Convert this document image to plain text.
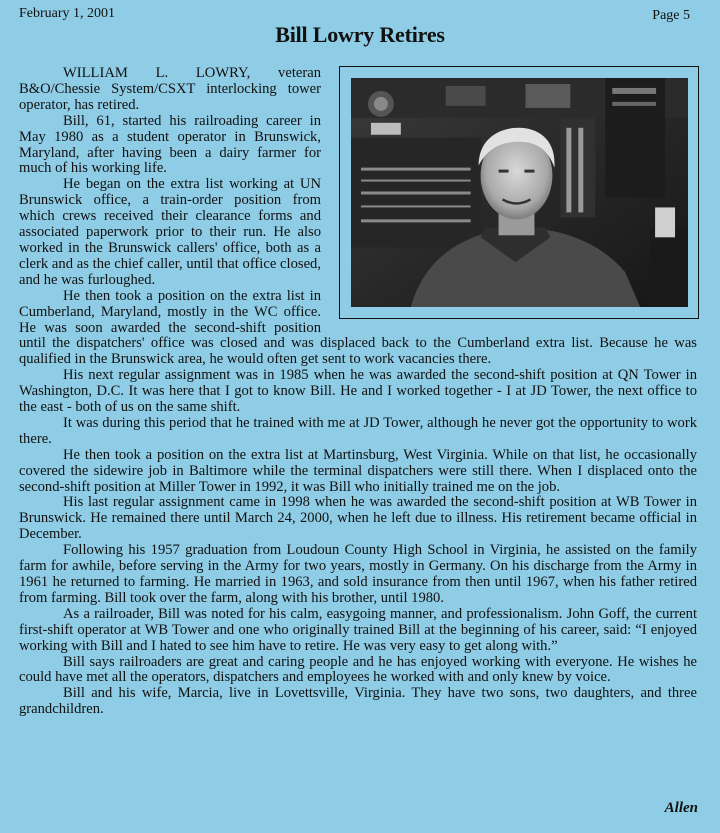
February 1, 2001	Page 5
Bill Lowry Retires

WILLIAM L. LOWRY, veteran B&O/Chessie System/CSXT interlocking tower operator, has retired.

Bill, 61, started his railroading career in May 1980 as a student operator in Brunswick, Maryland, after having been a dairy farmer for much of his working life.

He began on the extra list working at UN Brunswick office, a train-order position from which crews received their clearance forms and associated paperwork prior to their run. He also worked in the Brunswick callers' office, both as a clerk and as the chief caller, until that office closed, and he was furloughed.

He then took a position on the extra list in Cumberland, Maryland, mostly in the WC office. He was soon awarded the second-shift position until the dispatchers' office was closed and was displaced back to the Cumberland extra list. Because he was qualified in the Brunswick area, he would often get sent to work vacancies there.

His next regular assignment was in 1985 when he was awarded the second-shift position at QN Tower in Washington, D.C. It was here that I got to know Bill. He and I worked together - I at JD Tower, the next office to the east - both of us on the same shift.

It was during this period that he trained with me at JD Tower, although he never got the opportunity to work there.

He then took a position on the extra list at Martinsburg, West Virginia. While on that list, he occasionally covered the sidewire job in Baltimore while the terminal dispatchers were still there. When I displaced onto the second-shift position at Miller Tower in 1992, it was Bill who initially trained me on the job.

His last regular assignment came in 1998 when he was awarded the second-shift position at WB Tower in Brunswick. He remained there until March 24, 2000, when he left due to illness. His retirement became official in December.

Following his 1957 graduation from Loudoun County High School in Virginia, he assisted on the family farm for awhile, before serving in the Army for two years, mostly in Germany. On his discharge from the Army in 1961 he returned to farming. He married in 1963, and sold insurance from then until 1967, when his father retired from farming. Bill took over the farm, along with his brother, until 1980.

As a railroader, Bill was noted for his calm, easygoing manner, and professionalism. John Goff, the current first-shift operator at WB Tower and one who originally trained Bill at the beginning of his career, said: “I enjoyed working with Bill and I hated to see him have to retire. He was very easy to get along with.”

Bill says railroaders are great and caring people and he has enjoyed working with everyone. He wishes he could have met all the operators, dispatchers and employees he worked with and only knew by voice.

Bill and his wife, Marcia, live in Lovettsville, Virginia. They have two sons, two daughters, and three grandchildren.

Allen
